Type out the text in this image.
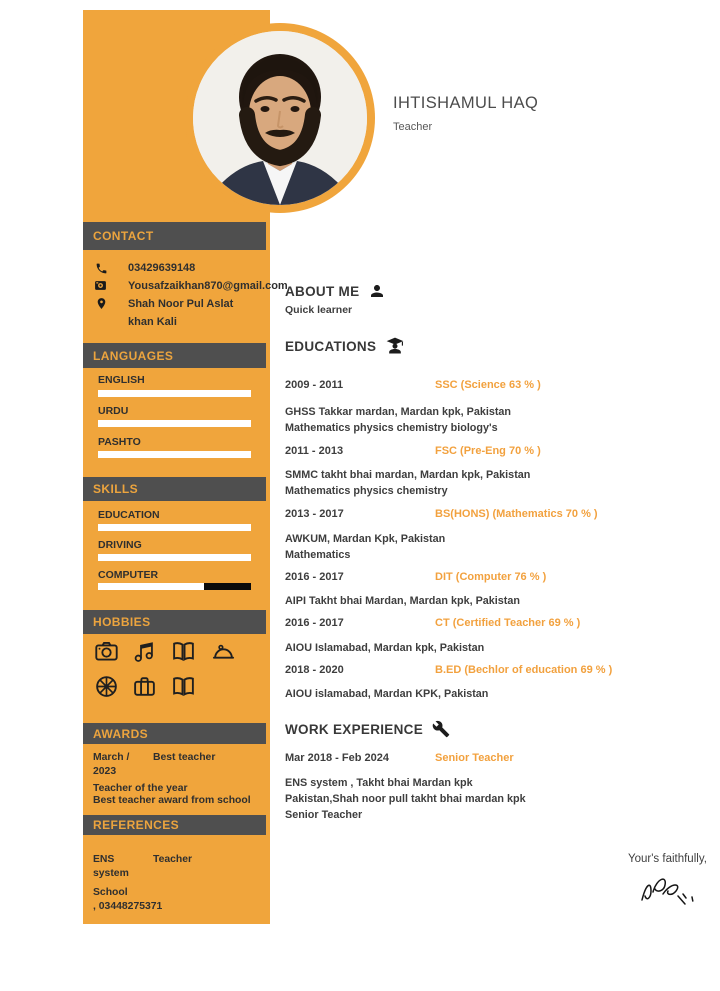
IHTISHAMUL HAQ
Teacher
CONTACT
03429639148
Yousafzaikhan870@gmail.com
Shah Noor Pul Aslat
khan Kali
LANGUAGES
ENGLISH
URDU
PASHTO
SKILLS
EDUCATION
DRIVING
COMPUTER
HOBBIES
AWARDS
March / 2023
Best teacher
Teacher of the year
Best teacher award from school
REFERENCES
ENS system
Teacher
School
, 03448275371
ABOUT ME
Quick learner
EDUCATIONS
2009 - 2011	SSC (Science 63 % )
GHSS Takkar mardan, Mardan kpk, Pakistan
Mathematics physics chemistry biology's
2011 - 2013	FSC (Pre-Eng 70 % )
SMMC takht bhai mardan, Mardan kpk, Pakistan
Mathematics physics chemistry
2013 - 2017	BS(HONS) (Mathematics 70 % )
AWKUM, Mardan Kpk, Pakistan
Mathematics
2016 - 2017	DIT (Computer 76 % )
AIPI Takht bhai Mardan, Mardan kpk, Pakistan
2016 - 2017	CT (Certified Teacher 69 % )
AIOU Islamabad, Mardan kpk, Pakistan
2018 - 2020	B.ED (Bechlor of education 69 % )
AIOU islamabad, Mardan KPK, Pakistan
WORK EXPERIENCE
Mar 2018 - Feb 2024	Senior Teacher
ENS system , Takht bhai Mardan kpk
Pakistan,Shah noor pull takht bhai mardan kpk
Senior Teacher
Your's faithfully,
